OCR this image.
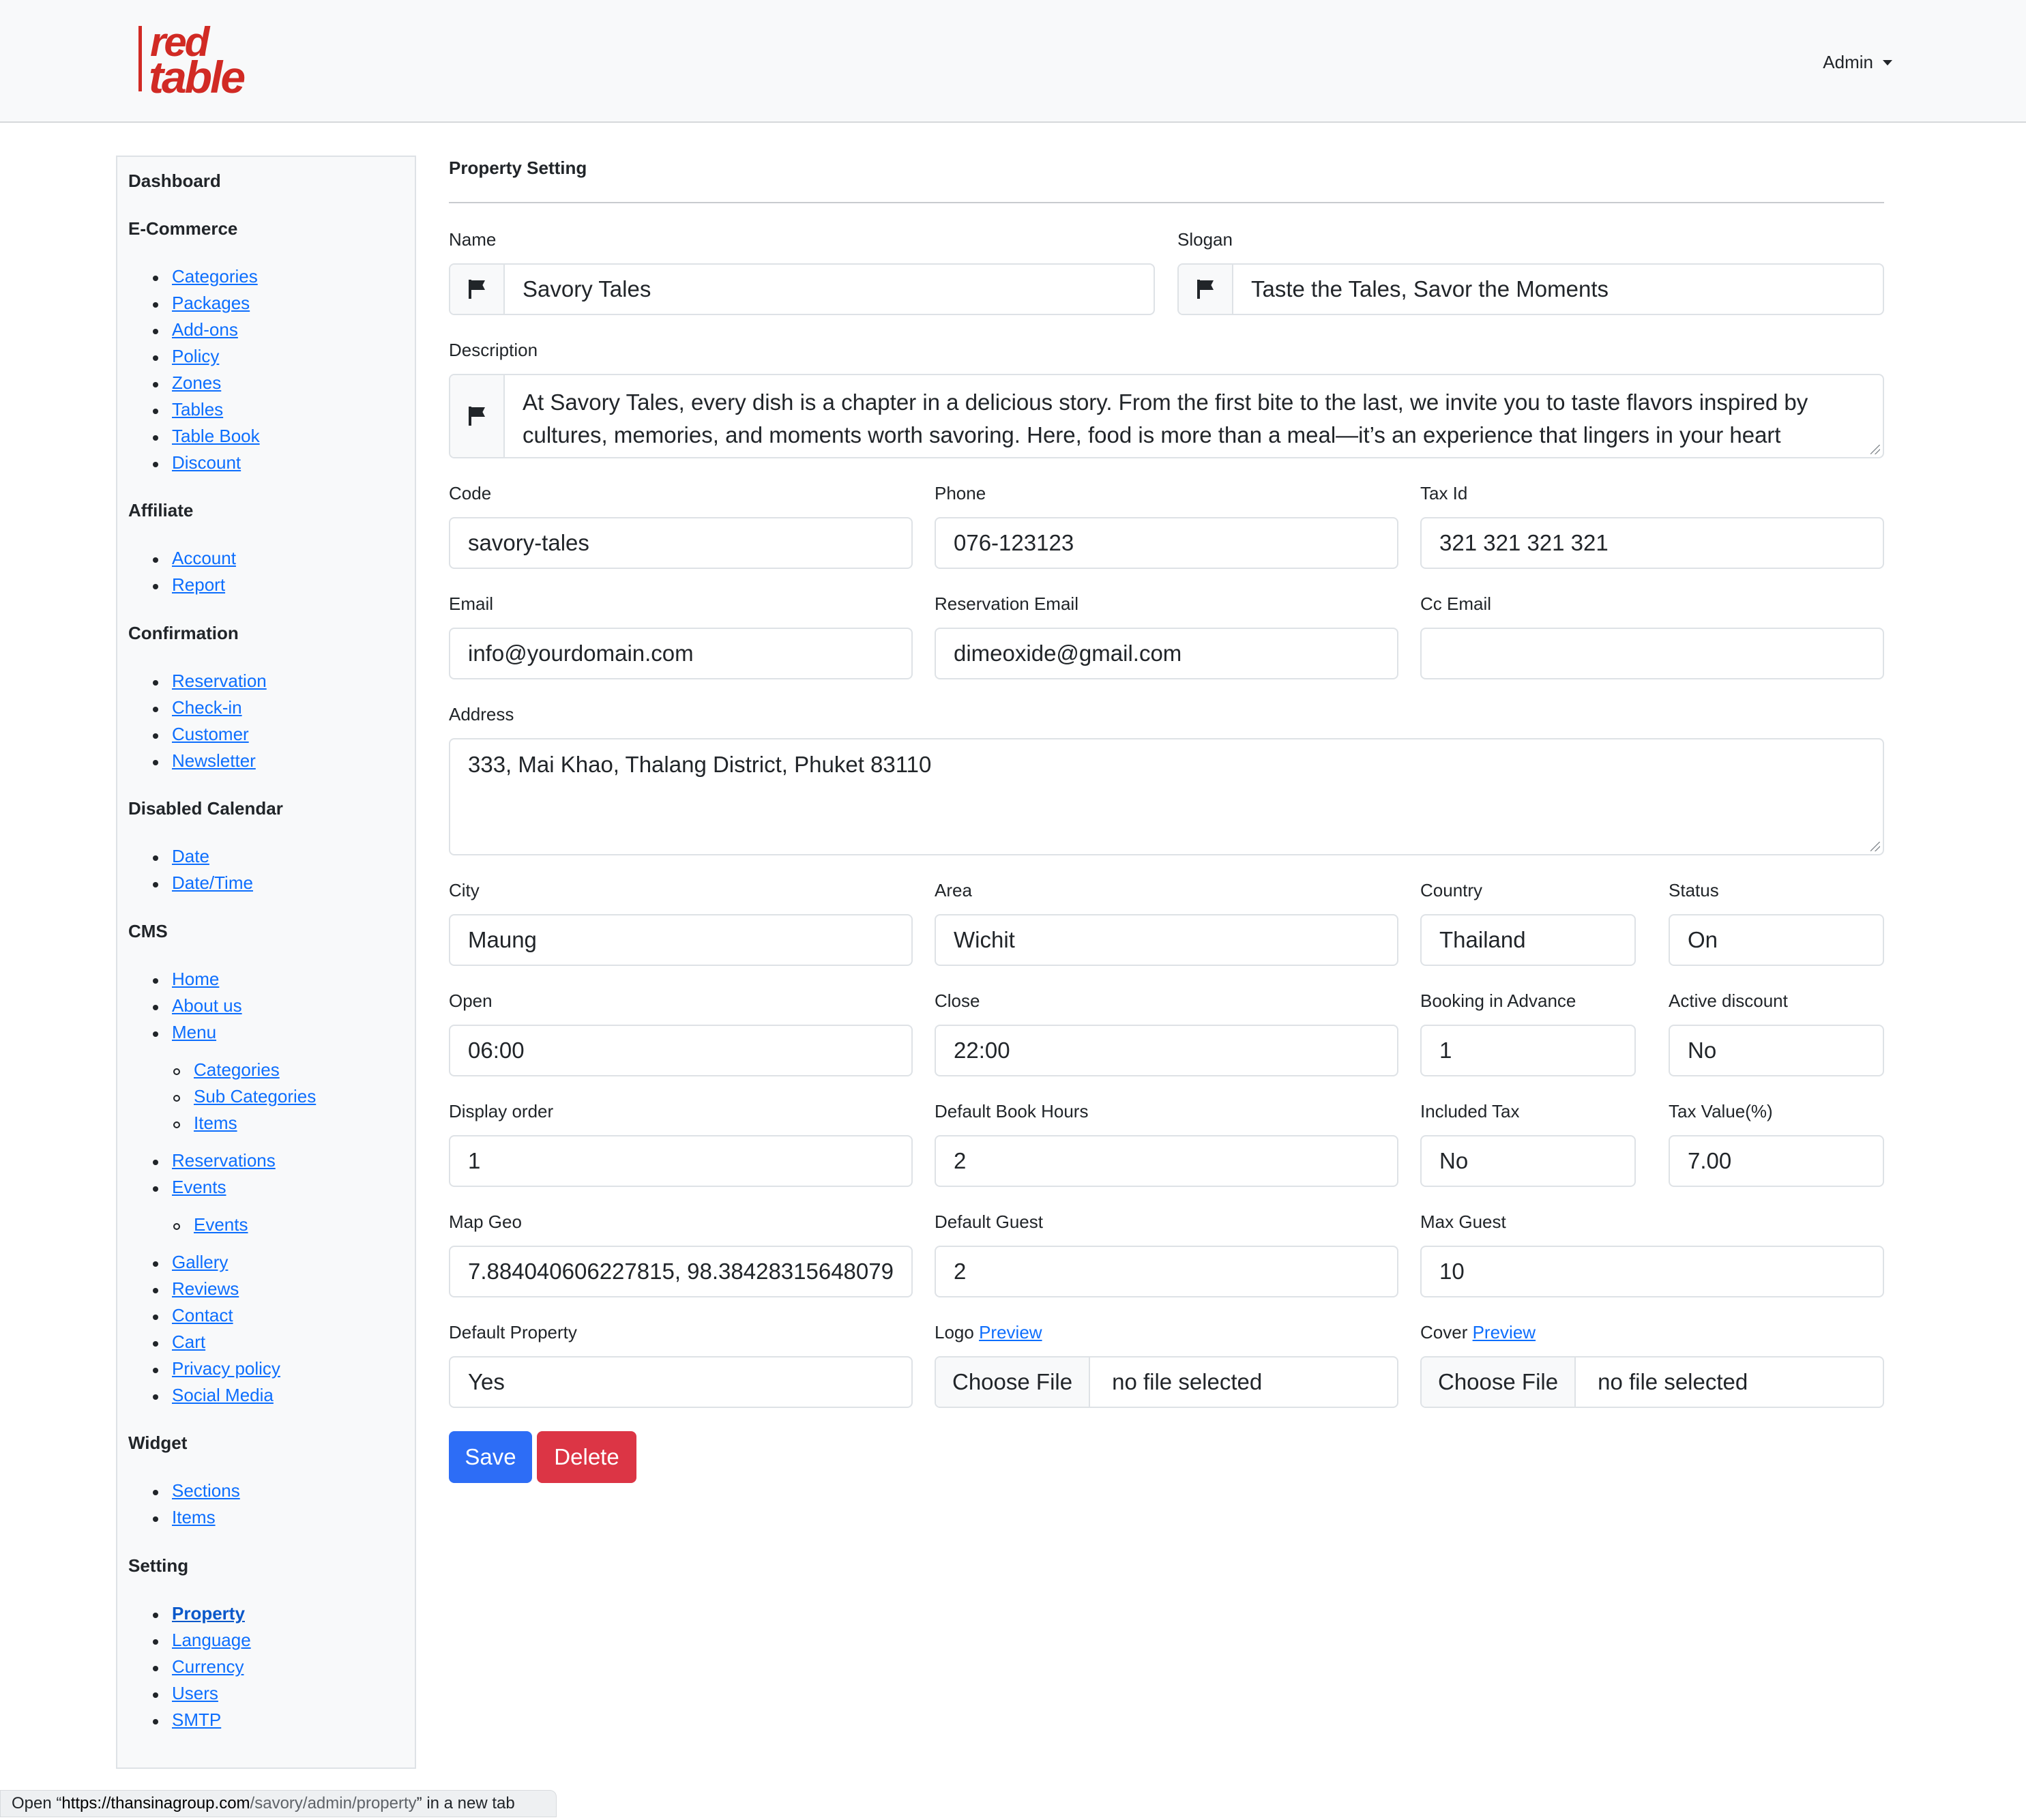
red
table	Admin
Dashboard
E-Commerce
Categories
Packages
Add-ons
Policy
Zones
Tables
Table Book
Discount
Affiliate
Account
Report
Confirmation
Reservation
Check-in
Customer
Newsletter
Disabled Calendar
Date
Date/Time
CMS
Home
About us
Menu
Categories
Sub Categories
Items
Reservations
Events
Events
Gallery
Reviews
Contact
Cart
Privacy policy
Social Media
Widget
Sections
Items
Setting
Property
Language
Currency
Users
SMTP
Property Setting
Name
Savory Tales
Slogan
Taste the Tales, Savor the Moments
Description
At Savory Tales, every dish is a chapter in a delicious story. From the first bite to the last, we invite you to taste flavors inspired by cultures, memories, and moments worth savoring. Here, food is more than a meal—it’s an experience that lingers in your heart
Code
savory-tales
Phone
076-123123
Tax Id
321 321 321 321
Email
info@yourdomain.com
Reservation Email
dimeoxide@gmail.com
Cc Email
Address
333, Mai Khao, Thalang District, Phuket 83110
City
Maung
Area
Wichit
Country
Thailand
Status
On
Open
06:00
Close
22:00
Booking in Advance
1
Active discount
No
Display order
1
Default Book Hours
2
Included Tax
No
Tax Value(%)
7.00
Map Geo
7.884040606227815, 98.38428315648079
Default Guest
2
Max Guest
10
Default Property
Yes
Logo Preview
Choose File	no file selected
Cover Preview
Choose File	no file selected
Save	Delete
Open “ https://thansinagroup.com /savory/admin/property ” in a new tab
